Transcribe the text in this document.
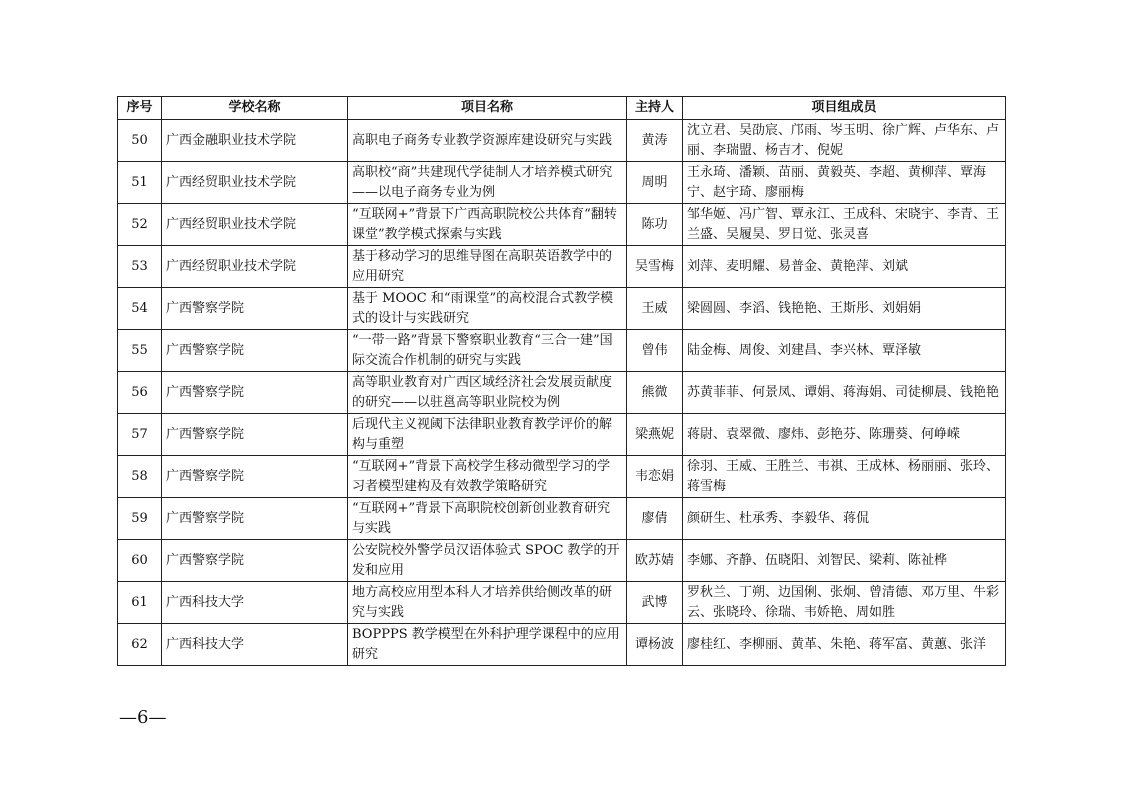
序号	学校名称	项目名称	主持人	项目组成员
50	广西金融职业技术学院	高职电子商务专业教学资源库建设研究与实践	黄涛	沈立君、吴劭宸、邝雨、岑玉明、徐广辉、卢华东、卢丽、李瑞盟、杨吉才、倪妮
51	广西经贸职业技术学院	高职校“商”共建现代学徒制人才培养模式研究——以电子商务专业为例	周明	王永琦、潘颖、苗丽、黄毅英、李超、黄柳萍、覃海宁、赵宇琦、廖丽梅
52	广西经贸职业技术学院	“互联网+”背景下广西高职院校公共体育“翻转课堂”教学模式探索与实践	陈功	邹华姬、冯广智、覃永江、王成科、宋晓宇、李青、王兰盛、吴履昊、罗日觉、张灵喜
53	广西经贸职业技术学院	基于移动学习的思维导图在高职英语教学中的应用研究	吴雪梅	刘萍、麦明耀、易普金、黄艳萍、刘斌
54	广西警察学院	基于 MOOC 和“雨课堂”的高校混合式教学模式的设计与实践研究	王威	梁圆圆、李滔、钱艳艳、王斯彤、刘娟娟
55	广西警察学院	“一带一路”背景下警察职业教育“三合一建”国际交流合作机制的研究与实践	曾伟	陆金梅、周俊、刘建昌、李兴林、覃泽敏
56	广西警察学院	高等职业教育对广西区域经济社会发展贡献度的研究——以驻邕高等职业院校为例	熊微	苏黄菲菲、何景凤、谭娟、蒋海娟、司徒柳晨、钱艳艳
57	广西警察学院	后现代主义视阈下法律职业教育教学评价的解构与重塑	梁燕妮	蒋尉、袁翠微、廖炜、彭艳芬、陈珊葵、何峥嵘
58	广西警察学院	“互联网+”背景下高校学生移动微型学习的学习者模型建构及有效教学策略研究	韦恋娟	徐羽、王威、王胜兰、韦祺、王成林、杨丽丽、张玲、蒋雪梅
59	广西警察学院	“互联网+”背景下高职院校创新创业教育研究与实践	廖倩	颜研生、杜承秀、李毅华、蒋侃
60	广西警察学院	公安院校外警学员汉语体验式 SPOC 教学的开发和应用	欧苏婧	李娜、齐静、伍晓阳、刘智民、梁莉、陈祉桦
61	广西科技大学	地方高校应用型本科人才培养供给侧改革的研究与实践	武博	罗秋兰、丁朔、边国俐、张炯、曾清德、邓万里、牛彩云、张晓玲、徐瑞、韦娇艳、周如胜
62	广西科技大学	BOPPPS 教学模型在外科护理学课程中的应用研究	谭杨波	廖桂红、李柳丽、黄革、朱艳、蒋军富、黄蕙、张洋
—6—
